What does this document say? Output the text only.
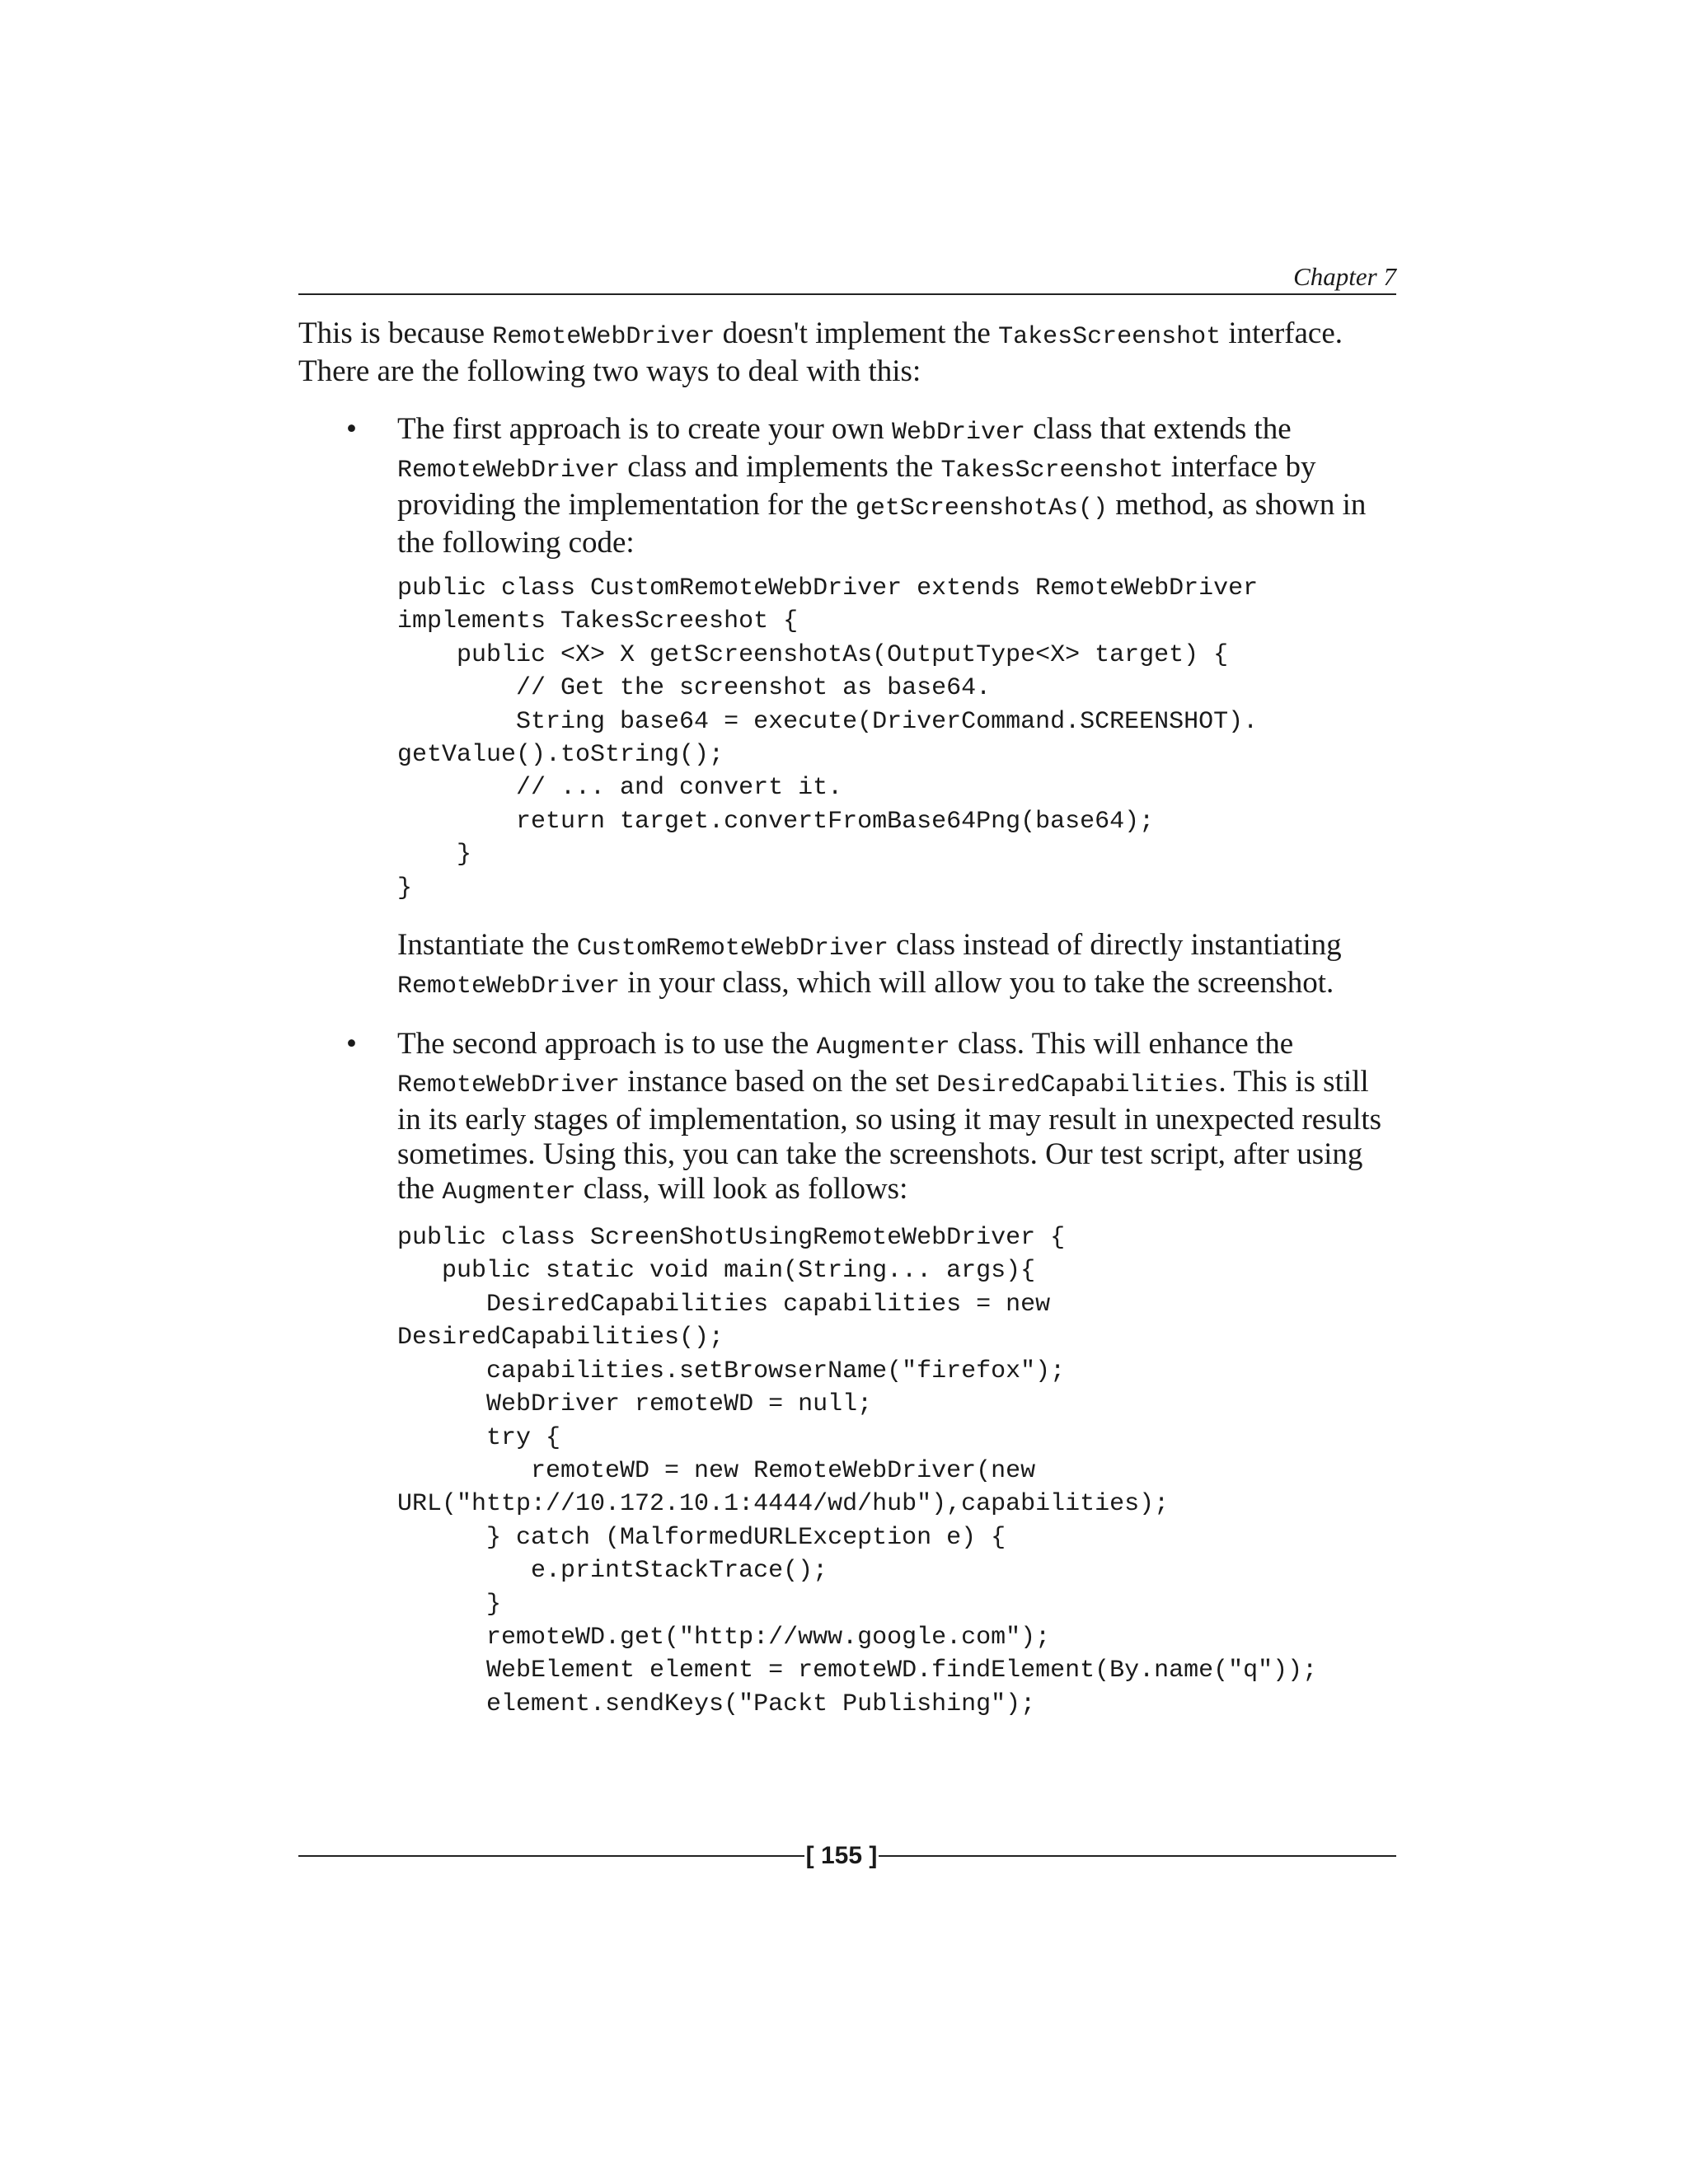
Chapter 7

This is because RemoteWebDriver doesn't implement the TakesScreenshot interface. There are the following two ways to deal with this:

• The first approach is to create your own WebDriver class that extends the RemoteWebDriver class and implements the TakesScreenshot interface by providing the implementation for the getScreenshotAs() method, as shown in the following code:

public class CustomRemoteWebDriver extends RemoteWebDriver
implements TakesScreeshot {
public <X> X getScreenshotAs(OutputType<X> target) {
// Get the screenshot as base64.
String base64 = execute(DriverCommand.SCREENSHOT).
getValue().toString();
// ... and convert it.
return target.convertFromBase64Png(base64);
}
}

Instantiate the CustomRemoteWebDriver class instead of directly instantiating RemoteWebDriver in your class, which will allow you to take the screenshot.

• The second approach is to use the Augmenter class. This will enhance the RemoteWebDriver instance based on the set DesiredCapabilities. This is still in its early stages of implementation, so using it may result in unexpected results sometimes. Using this, you can take the screenshots. Our test script, after using the Augmenter class, will look as follows:

public class ScreenShotUsingRemoteWebDriver {
public static void main(String... args){
DesiredCapabilities capabilities = new
DesiredCapabilities();
capabilities.setBrowserName("firefox");
WebDriver remoteWD = null;
try {
remoteWD = new RemoteWebDriver(new
URL("http://10.172.10.1:4444/wd/hub"),capabilities);
} catch (MalformedURLException e) {
e.printStackTrace();
}
remoteWD.get("http://www.google.com");
WebElement element = remoteWD.findElement(By.name("q"));
element.sendKeys("Packt Publishing");
[ 155 ]
